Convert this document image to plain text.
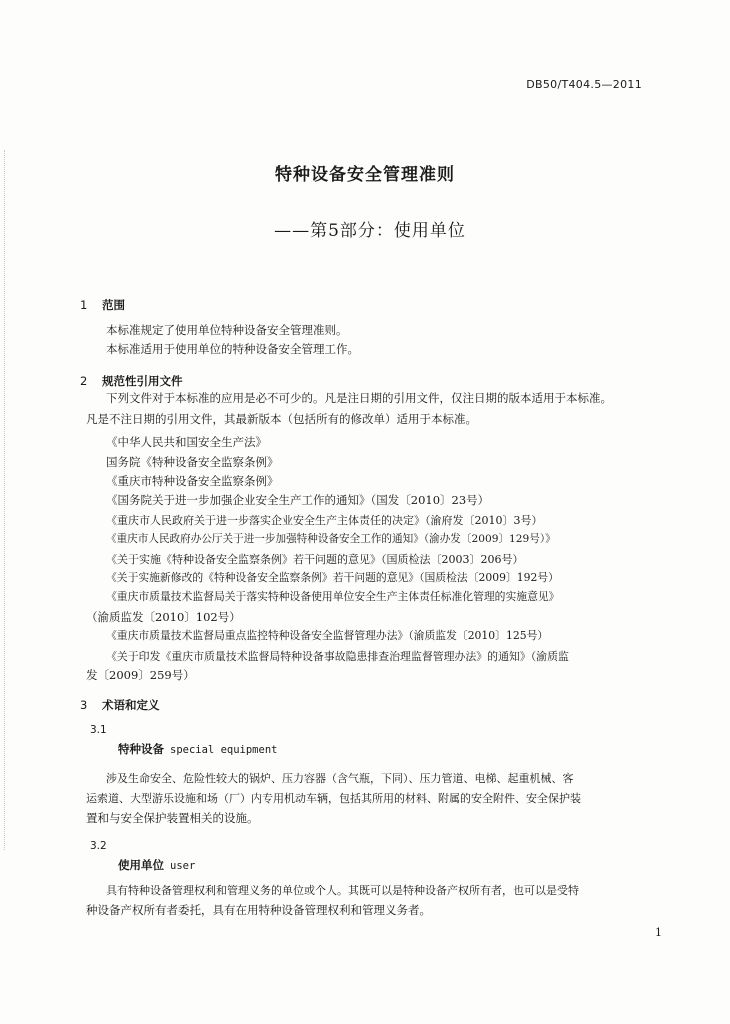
DB50/T404.5—2011
特种设备安全管理准则
——第5部分：使用单位
1 范围
本标准规定了使用单位特种设备安全管理准则。
本标准适用于使用单位的特种设备安全管理工作。
2 规范性引用文件
下列文件对于本标准的应用是必不可少的。凡是注日期的引用文件，仅注日期的版本适用于本标准。
凡是不注日期的引用文件，其最新版本（包括所有的修改单）适用于本标准。
《中华人民共和国安全生产法》
国务院《特种设备安全监察条例》
《重庆市特种设备安全监察条例》
《国务院关于进一步加强企业安全生产工作的通知》（国发〔2010〕23号）
《重庆市人民政府关于进一步落实企业安全生产主体责任的决定》（渝府发〔2010〕3号）
《重庆市人民政府办公厅关于进一步加强特种设备安全工作的通知》（渝办发〔2009〕129号）》
《关于实施《特种设备安全监察条例》若干问题的意见》（国质检法〔2003〕206号）
《关于实施新修改的《特种设备安全监察条例》若干问题的意见》（国质检法〔2009〕192号）
《重庆市质量技术监督局关于落实特种设备使用单位安全生产主体责任标准化管理的实施意见》
（渝质监发〔2010〕102号）
《重庆市质量技术监督局重点监控特种设备安全监督管理办法》（渝质监发〔2010〕125号）
《关于印发《重庆市质量技术监督局特种设备事故隐患排查治理监督管理办法》的通知》（渝质监
发〔2009〕259号）
3 术语和定义
3.1
特种设备 special equipment
涉及生命安全、危险性较大的锅炉、压力容器（含气瓶，下同）、压力管道、电梯、起重机械、客
运索道、大型游乐设施和场（厂）内专用机动车辆，包括其所用的材料、附属的安全附件、安全保护装
置和与安全保护装置相关的设施。
3.2
使用单位 user
具有特种设备管理权利和管理义务的单位或个人。其既可以是特种设备产权所有者，也可以是受特
种设备产权所有者委托，具有在用特种设备管理权利和管理义务者。
1
